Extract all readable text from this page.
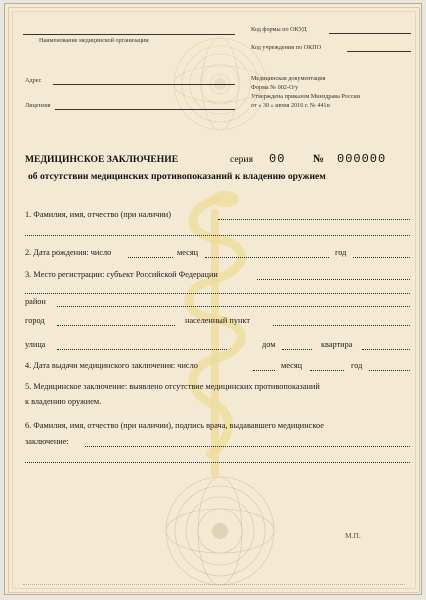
Наименование медицинской организации
Адрес
Лицензия
Код формы по ОКУД
Код учреждения по ОКПО
Медицинская документация
Форма № 002-О/у
Утверждена приказом Минздрава России
от « 30 » июня 2016 г. № 441н
МЕДИЦИНСКОЕ ЗАКЛЮЧЕНИЕ	серия 00	№ 000000
об отсутствии медицинских противопоказаний к владению оружием
1. Фамилия, имя, отчество (при наличии)
2. Дата рождения: число	месяц	год
3. Место регистрации: субъект Российской Федерации
район
город	населенный пункт
улица	дом	квартира
4. Дата выдачи медицинского заключения: число	месяц	год
5. Медицинское заключение: выявлено отсутствие медицинских противопоказаний
к владению оружием.
6. Фамилия, имя, отчество (при наличии), подпись врача, выдававшего медицинское
заключение:
М.П.
